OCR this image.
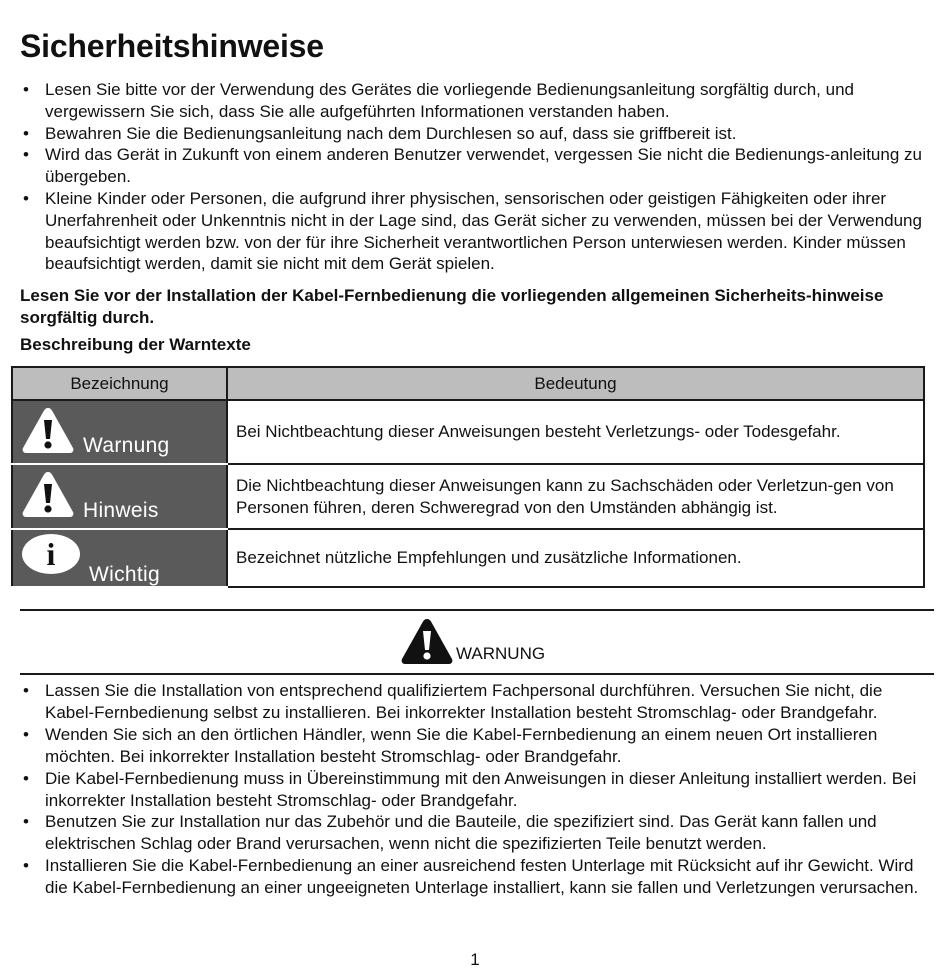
Sicherheitshinweise
• Lesen Sie bitte vor der Verwendung des Gerätes die vorliegende Bedienungsanleitung sorgfältig durch, und vergewissern Sie sich, dass Sie alle aufgeführten Informationen verstanden haben.
• Bewahren Sie die Bedienungsanleitung nach dem Durchlesen so auf, dass sie griffbereit ist.
• Wird das Gerät in Zukunft von einem anderen Benutzer verwendet, vergessen Sie nicht die Bedienungs-anleitung zu übergeben.
• Kleine Kinder oder Personen, die aufgrund ihrer physischen, sensorischen oder geistigen Fähigkeiten oder ihrer Unerfahrenheit oder Unkenntnis nicht in der Lage sind, das Gerät sicher zu verwenden, müssen bei der Verwendung beaufsichtigt werden bzw. von der für ihre Sicherheit verantwortlichen Person unterwiesen werden. Kinder müssen beaufsichtigt werden, damit sie nicht mit dem Gerät spielen.

Lesen Sie vor der Installation der Kabel-Fernbedienung die vorliegenden allgemeinen Sicherheits-hinweise sorgfältig durch.

Beschreibung der Warntexte

Bezeichnung	Bedeutung

Warnung	Bei Nichtbeachtung dieser Anweisungen besteht Verletzungs- oder Todesgefahr.

Hinweis	Die Nichtbeachtung dieser Anweisungen kann zu Sachschäden oder Verletzun-gen von Personen führen, deren Schweregrad von den Umständen abhängig ist.

i
Wichtig	Bezeichnet nützliche Empfehlungen und zusätzliche Informationen.
WARNUNG
• Lassen Sie die Installation von entsprechend qualifiziertem Fachpersonal durchführen. Versuchen Sie nicht, die Kabel-Fernbedienung selbst zu installieren. Bei inkorrekter Installation besteht Stromschlag- oder Brandgefahr.
• Wenden Sie sich an den örtlichen Händler, wenn Sie die Kabel-Fernbedienung an einem neuen Ort installieren möchten. Bei inkorrekter Installation besteht Stromschlag- oder Brandgefahr.
• Die Kabel-Fernbedienung muss in Übereinstimmung mit den Anweisungen in dieser Anleitung installiert werden. Bei inkorrekter Installation besteht Stromschlag- oder Brandgefahr.
• Benutzen Sie zur Installation nur das Zubehör und die Bauteile, die spezifiziert sind. Das Gerät kann fallen und elektrischen Schlag oder Brand verursachen, wenn nicht die spezifizierten Teile benutzt werden.
• Installieren Sie die Kabel-Fernbedienung an einer ausreichend festen Unterlage mit Rücksicht auf ihr Gewicht. Wird die Kabel-Fernbedienung an einer ungeeigneten Unterlage installiert, kann sie fallen und Verletzungen verursachen.
1
